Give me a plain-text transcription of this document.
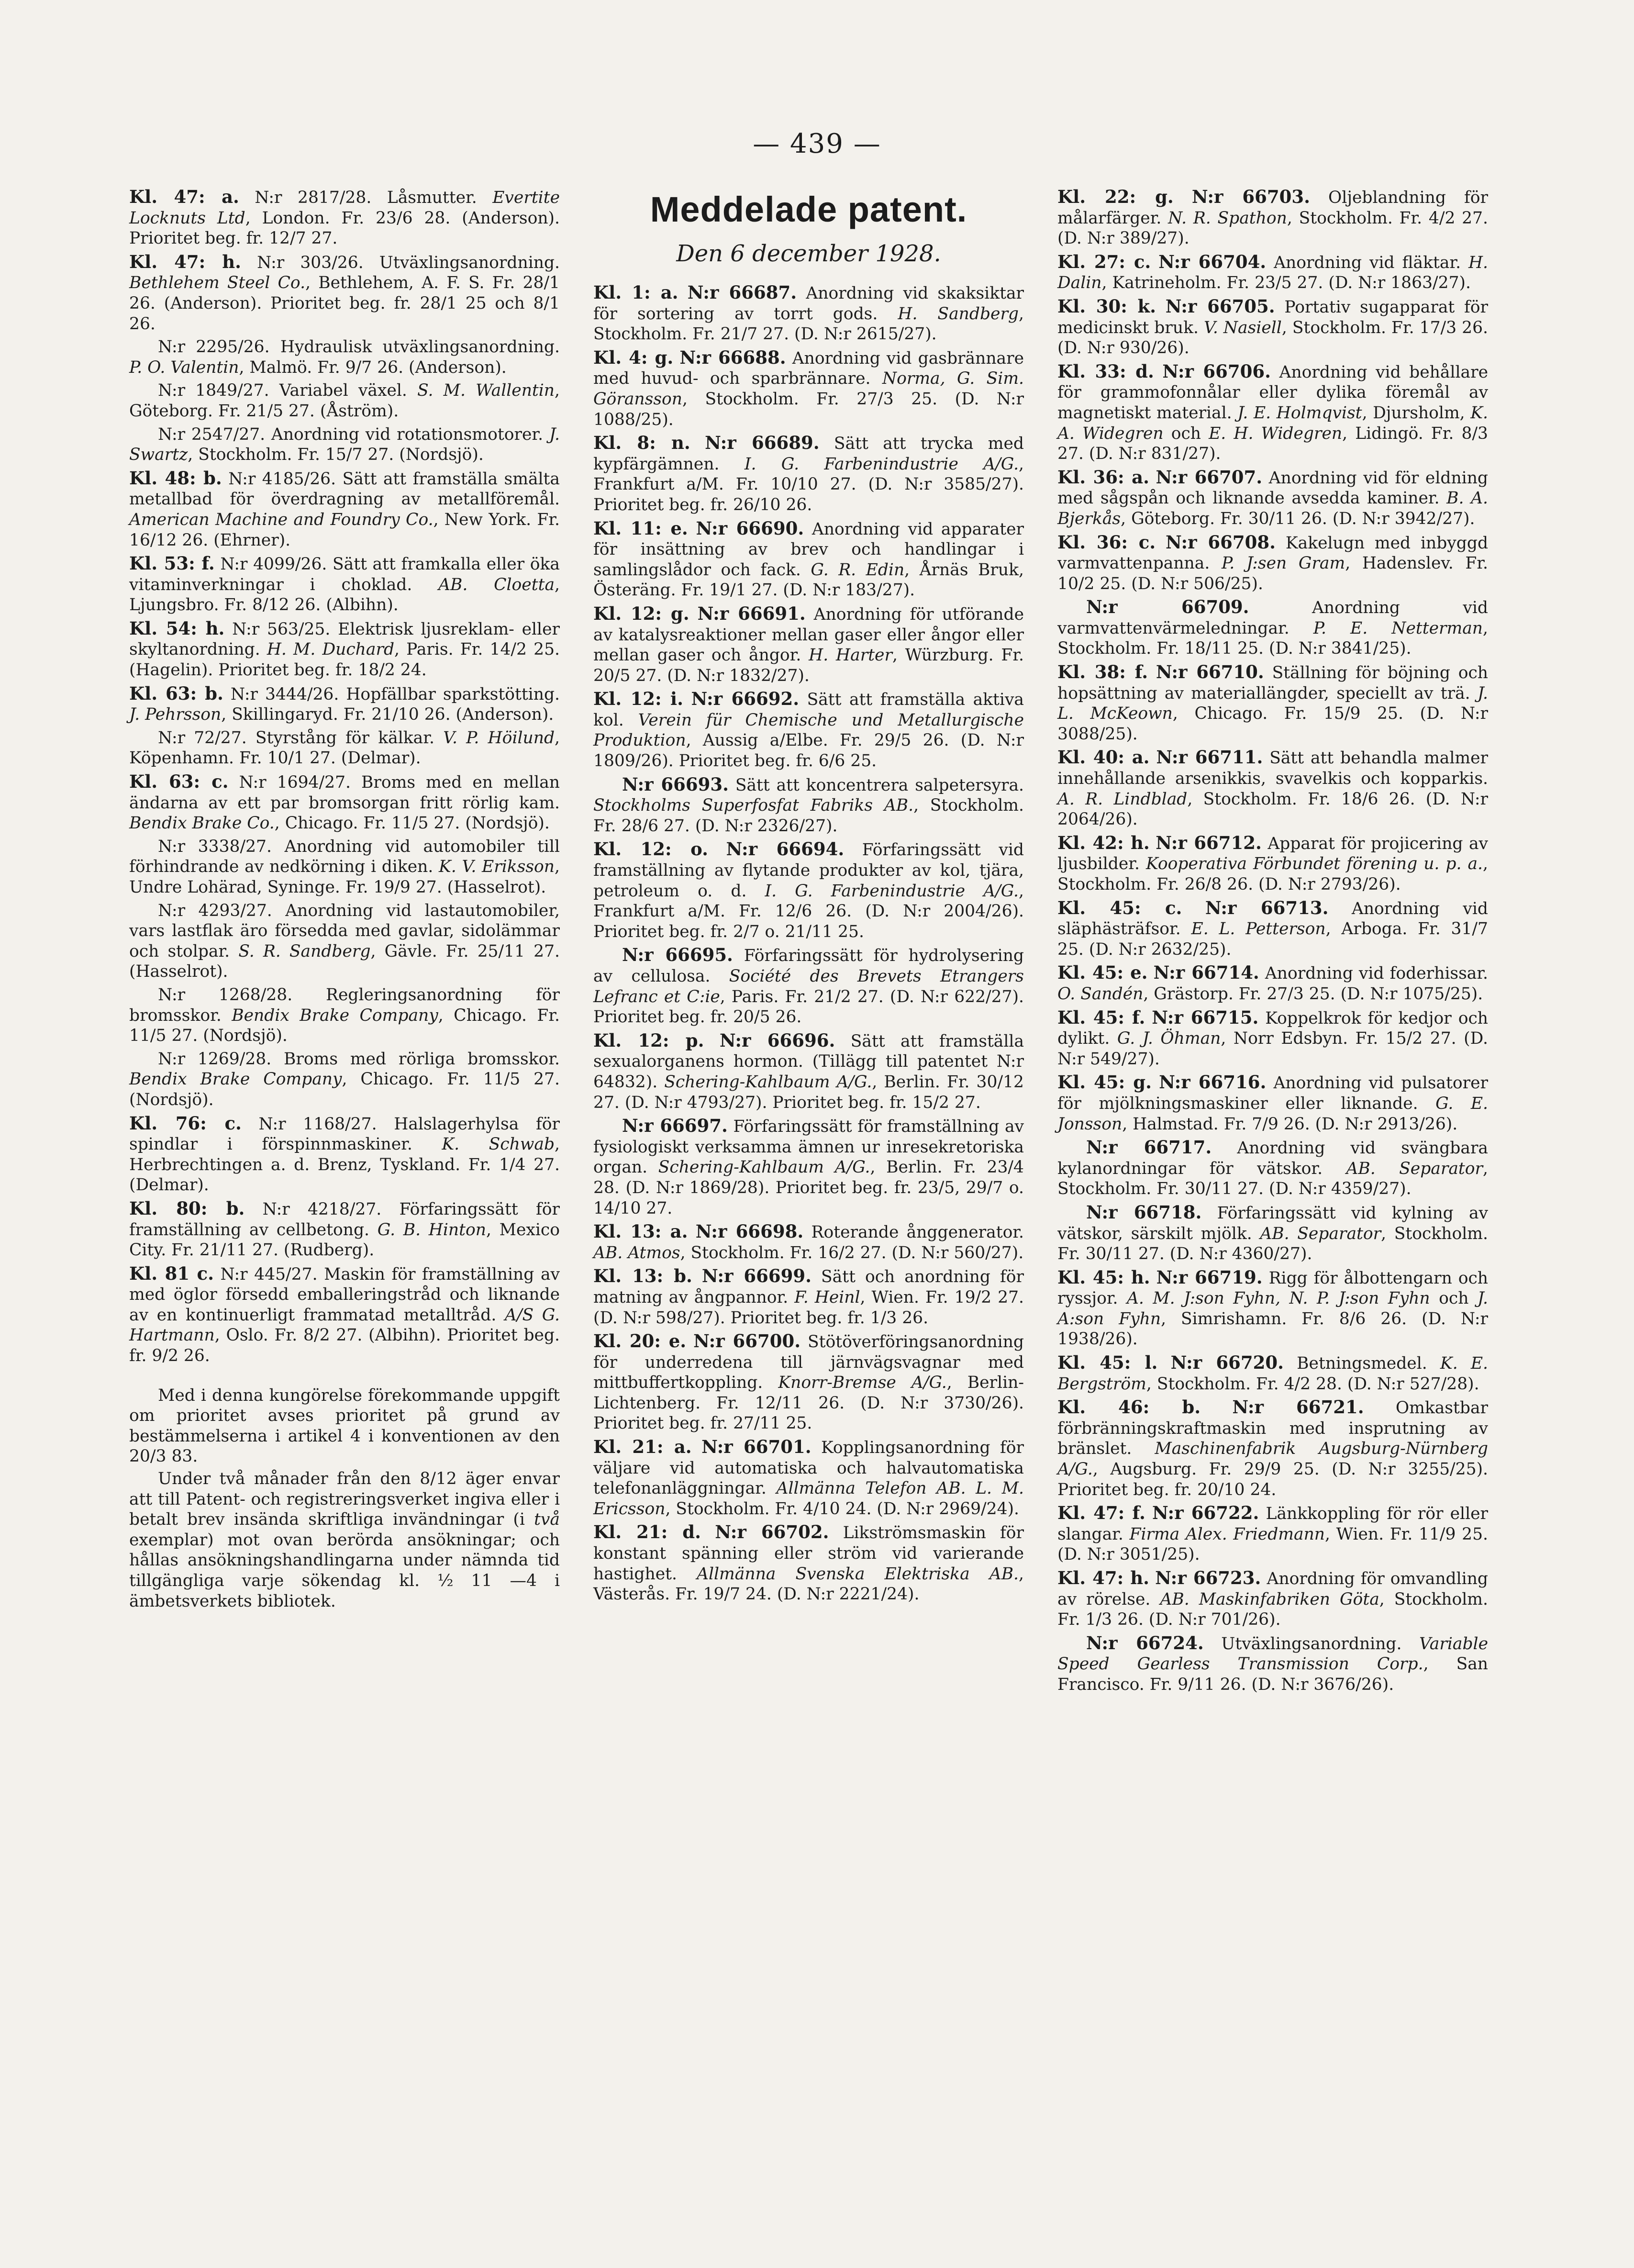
— 439 —

Kl. 47: a. N:r 2817/28. Låsmutter. Evertite Locknuts Ltd, London. Fr. 23/6 28. (Anderson). Prioritet beg. fr. 12/7 27.

Kl. 47: h. N:r 303/26. Utväxlingsanordning. Bethlehem Steel Co., Bethlehem, A. F. S. Fr. 28/1 26. (Anderson). Prioritet beg. fr. 28/1 25 och 8/1 26.

N:r 2295/26. Hydraulisk utväxlingsanordning. P. O. Valentin, Malmö. Fr. 9/7 26. (Anderson).

N:r 1849/27. Variabel växel. S. M. Wallentin, Göteborg. Fr. 21/5 27. (Åström).

N:r 2547/27. Anordning vid rotationsmotorer. J. Swartz, Stockholm. Fr. 15/7 27. (Nordsjö).

Kl. 48: b. N:r 4185/26. Sätt att framställa smälta metallbad för överdragning av metallföremål. American Machine and Foundry Co., New York. Fr. 16/12 26. (Ehrner).

Kl. 53: f. N:r 4099/26. Sätt att framkalla eller öka vitaminverkningar i choklad. AB. Cloetta, Ljungsbro. Fr. 8/12 26. (Albihn).

Kl. 54: h. N:r 563/25. Elektrisk ljusreklam- eller skyltanordning. H. M. Duchard, Paris. Fr. 14/2 25. (Hagelin). Prioritet beg. fr. 18/2 24.

Kl. 63: b. N:r 3444/26. Hopfällbar sparkstötting. J. Pehrsson, Skillingaryd. Fr. 21/10 26. (Anderson).

N:r 72/27. Styrstång för kälkar. V. P. Höilund, Köpenhamn. Fr. 10/1 27. (Delmar).

Kl. 63: c. N:r 1694/27. Broms med en mellan ändarna av ett par bromsorgan fritt rörlig kam. Bendix Brake Co., Chicago. Fr. 11/5 27. (Nordsjö).

N:r 3338/27. Anordning vid automobiler till förhindrande av nedkörning i diken. K. V. Eriksson, Undre Lohärad, Syninge. Fr. 19/9 27. (Hasselrot).

N:r 4293/27. Anordning vid lastautomobiler, vars lastflak äro försedda med gavlar, sidolämmar och stolpar. S. R. Sandberg, Gävle. Fr. 25/11 27. (Hasselrot).

N:r 1268/28. Regleringsanordning för bromsskor. Bendix Brake Company, Chicago. Fr. 11/5 27. (Nordsjö).

N:r 1269/28. Broms med rörliga bromsskor. Bendix Brake Company, Chicago. Fr. 11/5 27. (Nordsjö).

Kl. 76: c. N:r 1168/27. Halslagerhylsa för spindlar i förspinnmaskiner. K. Schwab, Herbrechtingen a. d. Brenz, Tyskland. Fr. 1/4 27. (Delmar).

Kl. 80: b. N:r 4218/27. Förfaringssätt för framställning av cellbetong. G. B. Hinton, Mexico City. Fr. 21/11 27. (Rudberg).

Kl. 81 c. N:r 445/27. Maskin för framställning av med öglor försedd emballeringstråd och liknande av en kontinuerligt frammatad metalltråd. A/S G. Hartmann, Oslo. Fr. 8/2 27. (Albihn). Prioritet beg. fr. 9/2 26.

Med i denna kungörelse förekommande uppgift om prioritet avses prioritet på grund av bestämmelserna i artikel 4 i konventionen av den 20/3 83.

Under två månader från den 8/12 äger envar att till Patent- och registreringsverket ingiva eller i betalt brev insända skriftliga invändningar (i två exemplar) mot ovan berörda ansökningar; och hållas ansökningshandlingarna under nämnda tid tillgängliga varje sökendag kl. ½ 11 —4 i ämbetsverkets bibliotek.

Meddelade patent.
Den 6 december 1928.

Kl. 1: a. N:r 66687. Anordning vid skaksiktar för sortering av torrt gods. H. Sandberg, Stockholm. Fr. 21/7 27. (D. N:r 2615/27).

Kl. 4: g. N:r 66688. Anordning vid gasbrännare med huvud- och sparbrännare. Norma, G. Sim. Göransson, Stockholm. Fr. 27/3 25. (D. N:r 1088/25).

Kl. 8: n. N:r 66689. Sätt att trycka med kypfärgämnen. I. G. Farbenindustrie A/G., Frankfurt a/M. Fr. 10/10 27. (D. N:r 3585/27). Prioritet beg. fr. 26/10 26.

Kl. 11: e. N:r 66690. Anordning vid apparater för insättning av brev och handlingar i samlingslådor och fack. G. R. Edin, Årnäs Bruk, Österäng. Fr. 19/1 27. (D. N:r 183/27).

Kl. 12: g. N:r 66691. Anordning för utförande av katalysreaktioner mellan gaser eller ångor eller mellan gaser och ångor. H. Harter, Würzburg. Fr. 20/5 27. (D. N:r 1832/27).

Kl. 12: i. N:r 66692. Sätt att framställa aktiva kol. Verein für Chemische und Metallurgische Produktion, Aussig a/Elbe. Fr. 29/5 26. (D. N:r 1809/26). Prioritet beg. fr. 6/6 25.

N:r 66693. Sätt att koncentrera salpetersyra. Stockholms Superfosfat Fabriks AB., Stockholm. Fr. 28/6 27. (D. N:r 2326/27).

Kl. 12: o. N:r 66694. Förfaringssätt vid framställning av flytande produkter av kol, tjära, petroleum o. d. I. G. Farbenindustrie A/G., Frankfurt a/M. Fr. 12/6 26. (D. N:r 2004/26). Prioritet beg. fr. 2/7 o. 21/11 25.

N:r 66695. Förfaringssätt för hydrolysering av cellulosa. Société des Brevets Etrangers Lefranc et C:ie, Paris. Fr. 21/2 27. (D. N:r 622/27). Prioritet beg. fr. 20/5 26.

Kl. 12: p. N:r 66696. Sätt att framställa sexualorganens hormon. (Tillägg till patentet N:r 64832). Schering-Kahlbaum A/G., Berlin. Fr. 30/12 27. (D. N:r 4793/27). Prioritet beg. fr. 15/2 27.

N:r 66697. Förfaringssätt för framställning av fysiologiskt verksamma ämnen ur inresekretoriska organ. Schering-Kahlbaum A/G., Berlin. Fr. 23/4 28. (D. N:r 1869/28). Prioritet beg. fr. 23/5, 29/7 o. 14/10 27.

Kl. 13: a. N:r 66698. Roterande ånggenerator. AB. Atmos, Stockholm. Fr. 16/2 27. (D. N:r 560/27).

Kl. 13: b. N:r 66699. Sätt och anordning för matning av ångpannor. F. Heinl, Wien. Fr. 19/2 27. (D. N:r 598/27). Prioritet beg. fr. 1/3 26.

Kl. 20: e. N:r 66700. Stötöverföringsanordning för underredena till järnvägsvagnar med mittbuffertkoppling. Knorr-Bremse A/G., Berlin-Lichtenberg. Fr. 12/11 26. (D. N:r 3730/26). Prioritet beg. fr. 27/11 25.

Kl. 21: a. N:r 66701. Kopplingsanordning för väljare vid automatiska och halvautomatiska telefonanläggningar. Allmänna Telefon AB. L. M. Ericsson, Stockholm. Fr. 4/10 24. (D. N:r 2969/24).

Kl. 21: d. N:r 66702. Likströmsmaskin för konstant spänning eller ström vid varierande hastighet. Allmänna Svenska Elektriska AB., Västerås. Fr. 19/7 24. (D. N:r 2221/24).

Kl. 22: g. N:r 66703. Oljeblandning för målarfärger. N. R. Spathon, Stockholm. Fr. 4/2 27. (D. N:r 389/27).

Kl. 27: c. N:r 66704. Anordning vid fläktar. H. Dalin, Katrineholm. Fr. 23/5 27. (D. N:r 1863/27).

Kl. 30: k. N:r 66705. Portativ sugapparat för medicinskt bruk. V. Nasiell, Stockholm. Fr. 17/3 26. (D. N:r 930/26).

Kl. 33: d. N:r 66706. Anordning vid behållare för grammofonnålar eller dylika föremål av magnetiskt material. J. E. Holmqvist, Djursholm, K. A. Widegren och E. H. Widegren, Lidingö. Fr. 8/3 27. (D. N:r 831/27).

Kl. 36: a. N:r 66707. Anordning vid för eldning med sågspån och liknande avsedda kaminer. B. A. Bjerkås, Göteborg. Fr. 30/11 26. (D. N:r 3942/27).

Kl. 36: c. N:r 66708. Kakelugn med inbyggd varmvattenpanna. P. J:sen Gram, Hadenslev. Fr. 10/2 25. (D. N:r 506/25).

N:r 66709. Anordning vid varmvattenvärmeledningar. P. E. Netterman, Stockholm. Fr. 18/11 25. (D. N:r 3841/25).

Kl. 38: f. N:r 66710. Ställning för böjning och hopsättning av materiallängder, speciellt av trä. J. L. McKeown, Chicago. Fr. 15/9 25. (D. N:r 3088/25).

Kl. 40: a. N:r 66711. Sätt att behandla malmer innehållande arsenikkis, svavelkis och kopparkis. A. R. Lindblad, Stockholm. Fr. 18/6 26. (D. N:r 2064/26).

Kl. 42: h. N:r 66712. Apparat för projicering av ljusbilder. Kooperativa Förbundet förening u. p. a., Stockholm. Fr. 26/8 26. (D. N:r 2793/26).

Kl. 45: c. N:r 66713. Anordning vid släphästräfsor. E. L. Petterson, Arboga. Fr. 31/7 25. (D. N:r 2632/25).

Kl. 45: e. N:r 66714. Anordning vid foderhissar. O. Sandén, Grästorp. Fr. 27/3 25. (D. N:r 1075/25).

Kl. 45: f. N:r 66715. Koppelkrok för kedjor och dylikt. G. J. Öhman, Norr Edsbyn. Fr. 15/2 27. (D. N:r 549/27).

Kl. 45: g. N:r 66716. Anordning vid pulsatorer för mjölkningsmaskiner eller liknande. G. E. Jonsson, Halmstad. Fr. 7/9 26. (D. N:r 2913/26).

N:r 66717. Anordning vid svängbara kylanordningar för vätskor. AB. Separator, Stockholm. Fr. 30/11 27. (D. N:r 4359/27).

N:r 66718. Förfaringssätt vid kylning av vätskor, särskilt mjölk. AB. Separator, Stockholm. Fr. 30/11 27. (D. N:r 4360/27).

Kl. 45: h. N:r 66719. Rigg för ålbottengarn och ryssjor. A. M. J:son Fyhn, N. P. J:son Fyhn och J. A:son Fyhn, Simrishamn. Fr. 8/6 26. (D. N:r 1938/26).

Kl. 45: l. N:r 66720. Betningsmedel. K. E. Bergström, Stockholm. Fr. 4/2 28. (D. N:r 527/28).

Kl. 46: b. N:r 66721. Omkastbar förbränningskraftmaskin med insprutning av bränslet. Maschinenfabrik Augsburg-Nürnberg A/G., Augsburg. Fr. 29/9 25. (D. N:r 3255/25). Prioritet beg. fr. 20/10 24.

Kl. 47: f. N:r 66722. Länkkoppling för rör eller slangar. Firma Alex. Friedmann, Wien. Fr. 11/9 25. (D. N:r 3051/25).

Kl. 47: h. N:r 66723. Anordning för omvandling av rörelse. AB. Maskinfabriken Göta, Stockholm. Fr. 1/3 26. (D. N:r 701/26).

N:r 66724. Utväxlingsanordning. Variable Speed Gearless Transmission Corp., San Francisco. Fr. 9/11 26. (D. N:r 3676/26).
